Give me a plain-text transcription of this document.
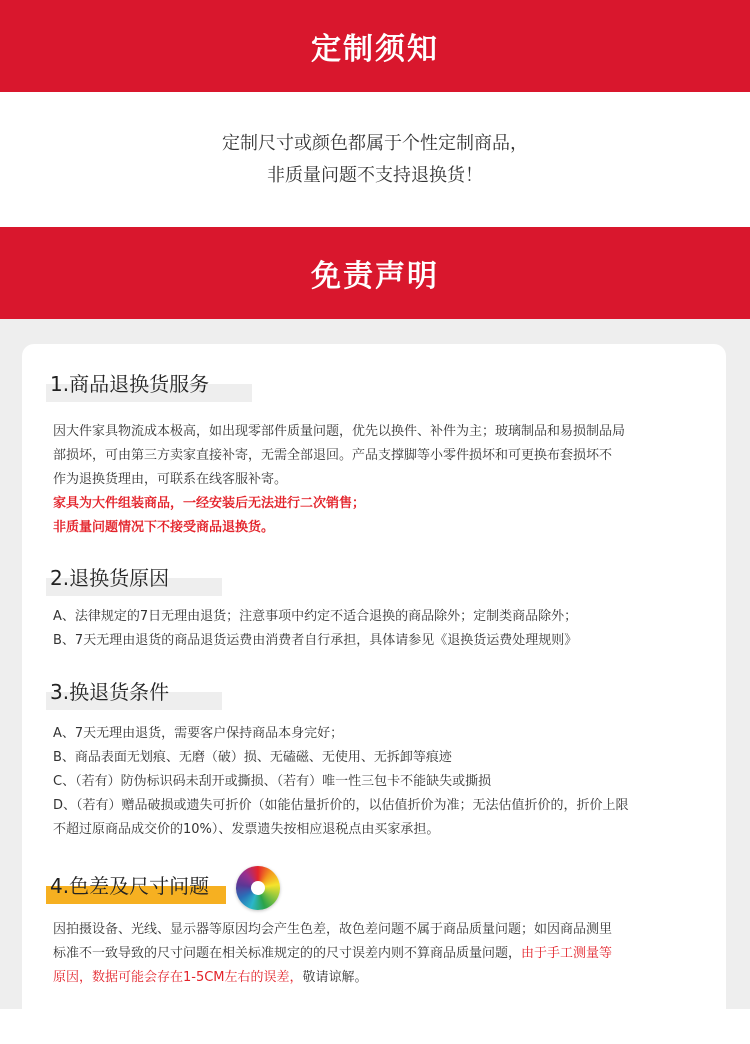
定制须知
定制尺寸或颜色都属于个性定制商品，
非质量问题不支持退换货！
免责声明
1.商品退换货服务
因大件家具物流成本极高，如出现零部件质量问题，优先以换件、补件为主；玻璃制品和易损制品局
部损坏，可由第三方卖家直接补寄，无需全部退回。产品支撑脚等小零件损坏和可更换布套损坏不
作为退换货理由，可联系在线客服补寄。
家具为大件组装商品，一经安装后无法进行二次销售；
非质量问题情况下不接受商品退换货。
2.退换货原因
A、法律规定的7日无理由退货；注意事项中约定不适合退换的商品除外；定制类商品除外；
B、7天无理由退货的商品退货运费由消费者自行承担，具体请参见《退换货运费处理规则》
3.换退货条件
A、7天无理由退货，需要客户保持商品本身完好；
B、商品表面无划痕、无磨（破）损、无磕磁、无使用、无拆卸等痕迹
C、（若有）防伪标识码未刮开或撕损、（若有）唯一性三包卡不能缺失或撕损
D、（若有）赠品破损或遗失可折价（如能估量折价的，以估值折价为准；无法估值折价的，折价上限
不超过原商品成交价的10%）、发票遗失按相应退税点由买家承担。
4.色差及尺寸问题
因拍摄设备、光线、显示器等原因均会产生色差，故色差问题不属于商品质量问题；如因商品测里
标准不一致导致的尺寸问题在相关标准规定的的尺寸误差内则不算商品质量问题，由于手工测量等
原因，数据可能会存在1-5CM左右的误差，敬请谅解。
